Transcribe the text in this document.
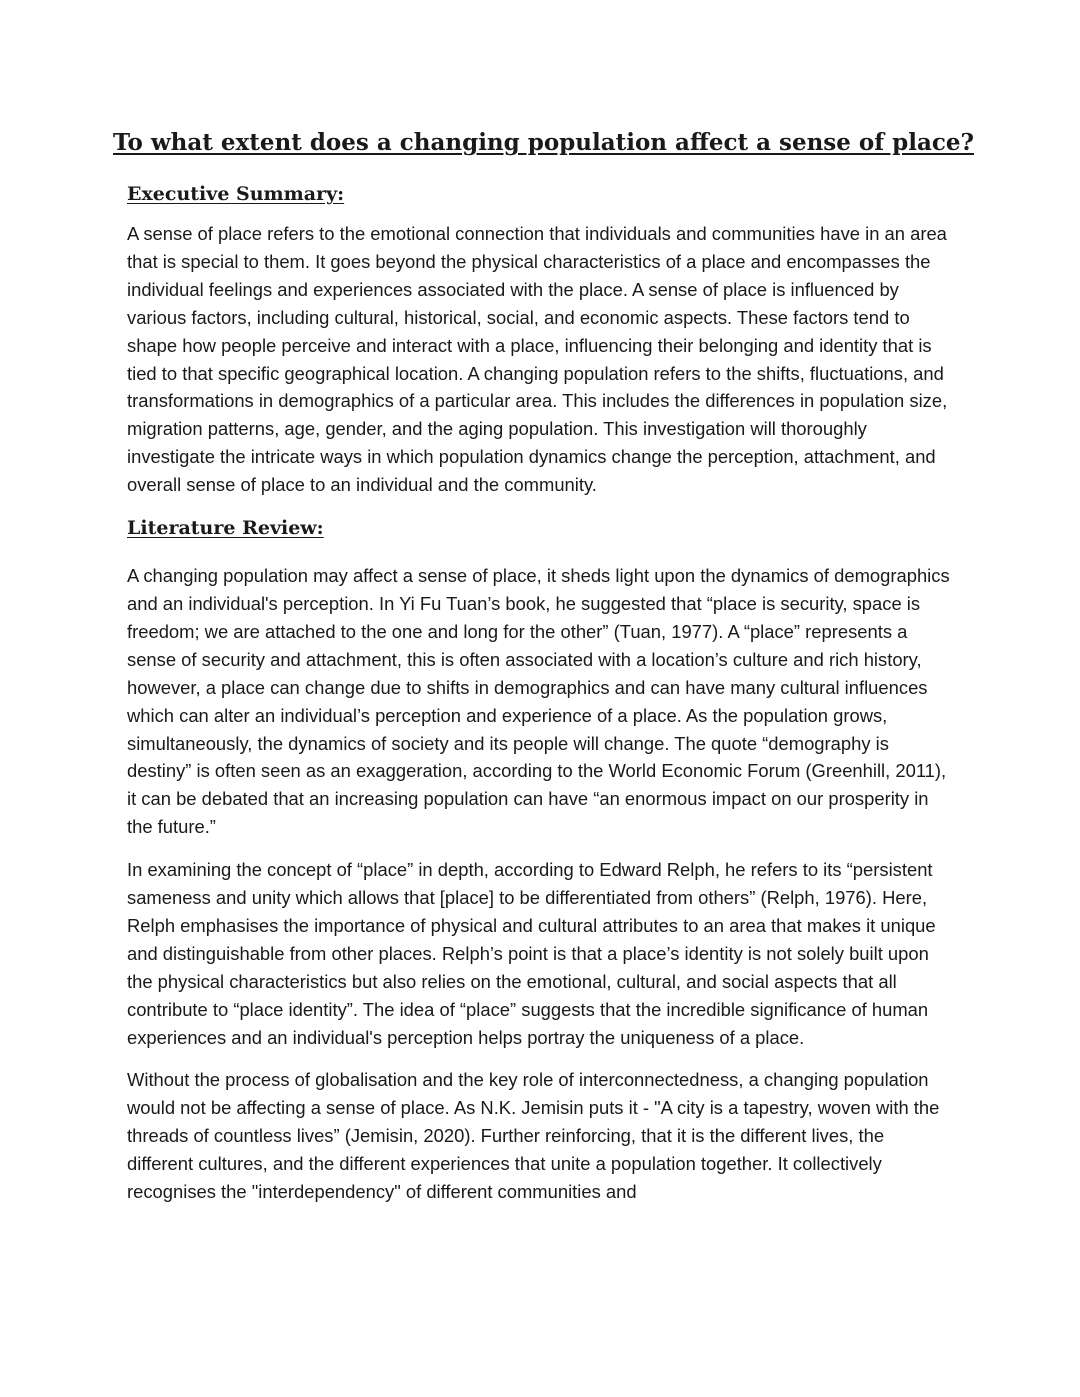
To what extent does a changing population affect a sense of place?
Executive Summary:

A sense of place refers to the emotional connection that individuals and communities have in an area that is special to them. It goes beyond the physical characteristics of a place and encompasses the individual feelings and experiences associated with the place. A sense of place is influenced by various factors, including cultural, historical, social, and economic aspects. These factors tend to shape how people perceive and interact with a place, influencing their belonging and identity that is tied to that specific geographical location. A changing population refers to the shifts, fluctuations, and transformations in demographics of a particular area. This includes the differences in population size, migration patterns, age, gender, and the aging population. This investigation will thoroughly investigate the intricate ways in which population dynamics change the perception, attachment, and overall sense of place to an individual and the community.

Literature Review:

A changing population may affect a sense of place, it sheds light upon the dynamics of demographics and an individual's perception. In Yi Fu Tuan’s book, he suggested that “place is security, space is freedom; we are attached to the one and long for the other” (Tuan, 1977). A “place” represents a sense of security and attachment, this is often associated with a location’s culture and rich history, however, a place can change due to shifts in demographics and can have many cultural influences which can alter an individual’s perception and experience of a place. As the population grows, simultaneously, the dynamics of society and its people will change. The quote “demography is destiny” is often seen as an exaggeration, according to the World Economic Forum (Greenhill, 2011), it can be debated that an increasing population can have “an enormous impact on our prosperity in the future.”

In examining the concept of “place” in depth, according to Edward Relph, he refers to its “persistent sameness and unity which allows that [place] to be differentiated from others” (Relph, 1976). Here, Relph emphasises the importance of physical and cultural attributes to an area that makes it unique and distinguishable from other places. Relph’s point is that a place’s identity is not solely built upon the physical characteristics but also relies on the emotional, cultural, and social aspects that all contribute to “place identity”. The idea of “place” suggests that the incredible significance of human experiences and an individual's perception helps portray the uniqueness of a place.

Without the process of globalisation and the key role of interconnectedness, a changing population would not be affecting a sense of place. As N.K. Jemisin puts it - "A city is a tapestry, woven with the threads of countless lives” (Jemisin, 2020). Further reinforcing, that it is the different lives, the different cultures, and the different experiences that unite a population together. It collectively recognises the "interdependency" of different communities and
